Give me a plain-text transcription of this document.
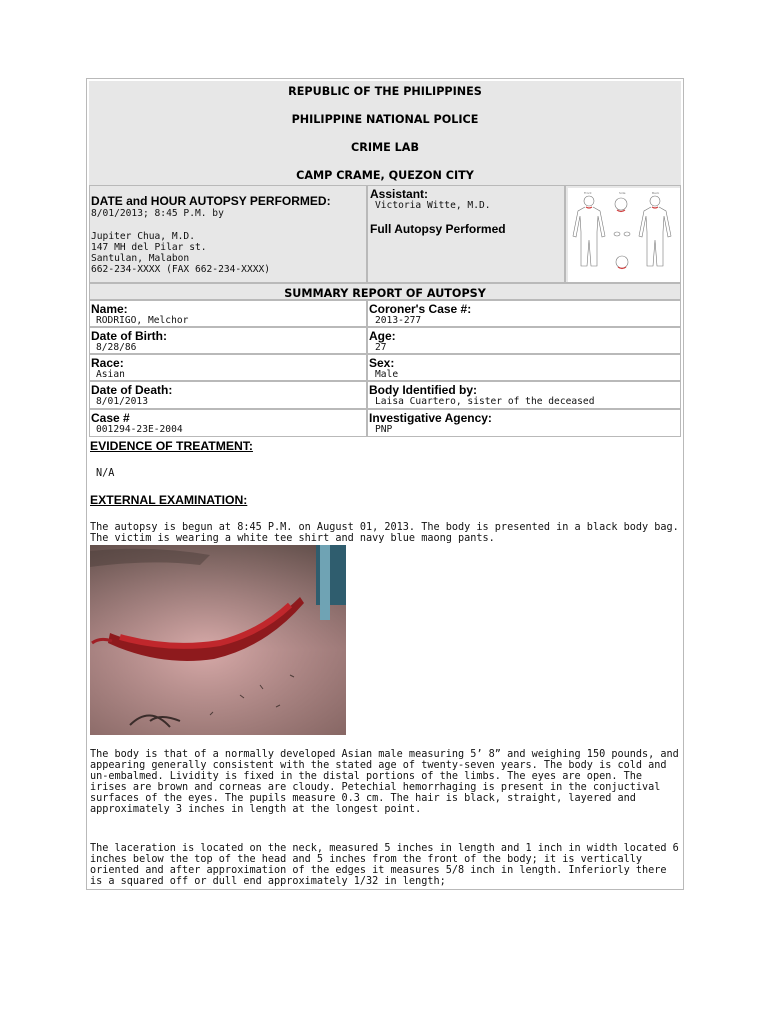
REPUBLIC OF THE PHILIPPINES
PHILIPPINE NATIONAL POLICE
CRIME LAB
CAMP CRAME, QUEZON CITY
DATE and HOUR AUTOPSY PERFORMED:
8/01/2013; 8:45 P.M. by
Jupiter Chua, M.D.
147 MH del Pilar st.
Santulan, Malabon
662-234-XXXX (FAX 662-234-XXXX)
Assistant:
Victoria Witte, M.D.
Full Autopsy Performed
Front	Side	Back
SUMMARY REPORT OF AUTOPSY
Name:
RODRIGO, Melchor
Coroner's Case #:
2013-277
Date of Birth:
8/28/86
Age:
27
Race:
Asian
Sex:
Male
Date of Death:
8/01/2013
Body Identified by:
Laisa Cuartero, sister of the deceased
Case #
001294-23E-2004
Investigative Agency:
PNP
EVIDENCE OF TREATMENT:
N/A
EXTERNAL EXAMINATION:
The autopsy is begun at 8:45 P.M. on August 01, 2013. The body is presented in a black body bag. The victim is wearing a white tee shirt and navy blue maong pants.
The body is that of a normally developed Asian male measuring 5’ 8” and weighing 150 pounds, and appearing generally consistent with the stated age of twenty-seven years. The body is cold and un-embalmed. Lividity is fixed in the distal portions of the limbs. The eyes are open. The irises are brown and corneas are cloudy. Petechial hemorrhaging is present in the conjuctival surfaces of the eyes. The pupils measure 0.3 cm. The hair is black, straight, layered and approximately 3 inches in length at the longest point.
The laceration is located on the neck, measured 5 inches in length and 1 inch in width located 6 inches below the top of the head and 5 inches from the front of the body; it is vertically oriented and after approximation of the edges it measures 5/8 inch in length. Inferiorly there is a squared off or dull end approximately 1/32 in length;
